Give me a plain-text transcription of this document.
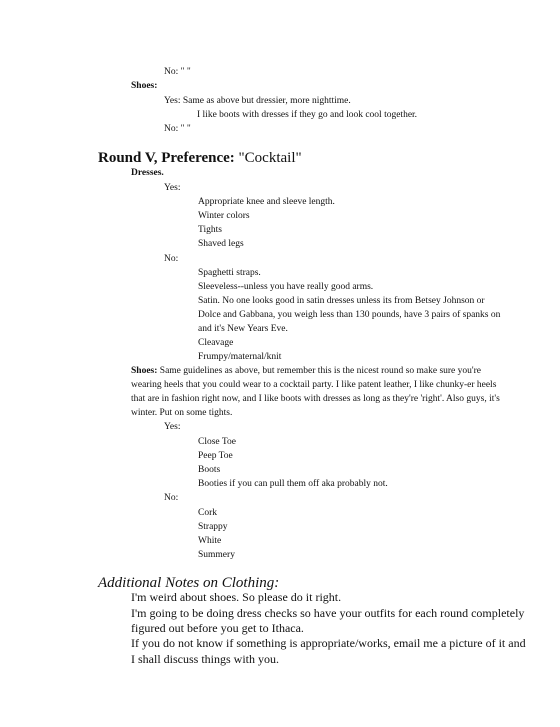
No: " "
Shoes:
Yes: Same as above but dressier, more nighttime.
I like boots with dresses if they go and look cool together.
No: " "
Round V, Preference: "Cocktail"
Dresses.
Yes:
Appropriate knee and sleeve length.
Winter colors
Tights
Shaved legs
No:
Spaghetti straps.
Sleeveless--unless you have really good arms.
Satin. No one looks good in satin dresses unless its from Betsey Johnson or
Dolce and Gabbana, you weigh less than 130 pounds, have 3 pairs of spanks on
and it's New Years Eve.
Cleavage
Frumpy/maternal/knit
Shoes: Same guidelines as above, but remember this is the nicest round so make sure you're
wearing heels that you could wear to a cocktail party. I like patent leather, I like chunky-er heels
that are in fashion right now, and I like boots with dresses as long as they're 'right'. Also guys, it's
winter. Put on some tights.
Yes:
Close Toe
Peep Toe
Boots
Booties if you can pull them off aka probably not.
No:
Cork
Strappy
White
Summery
Additional Notes on Clothing:
I'm weird about shoes. So please do it right.
I'm going to be doing dress checks so have your outfits for each round completely
figured out before you get to Ithaca.
If you do not know if something is appropriate/works, email me a picture of it and
I shall discuss things with you.
